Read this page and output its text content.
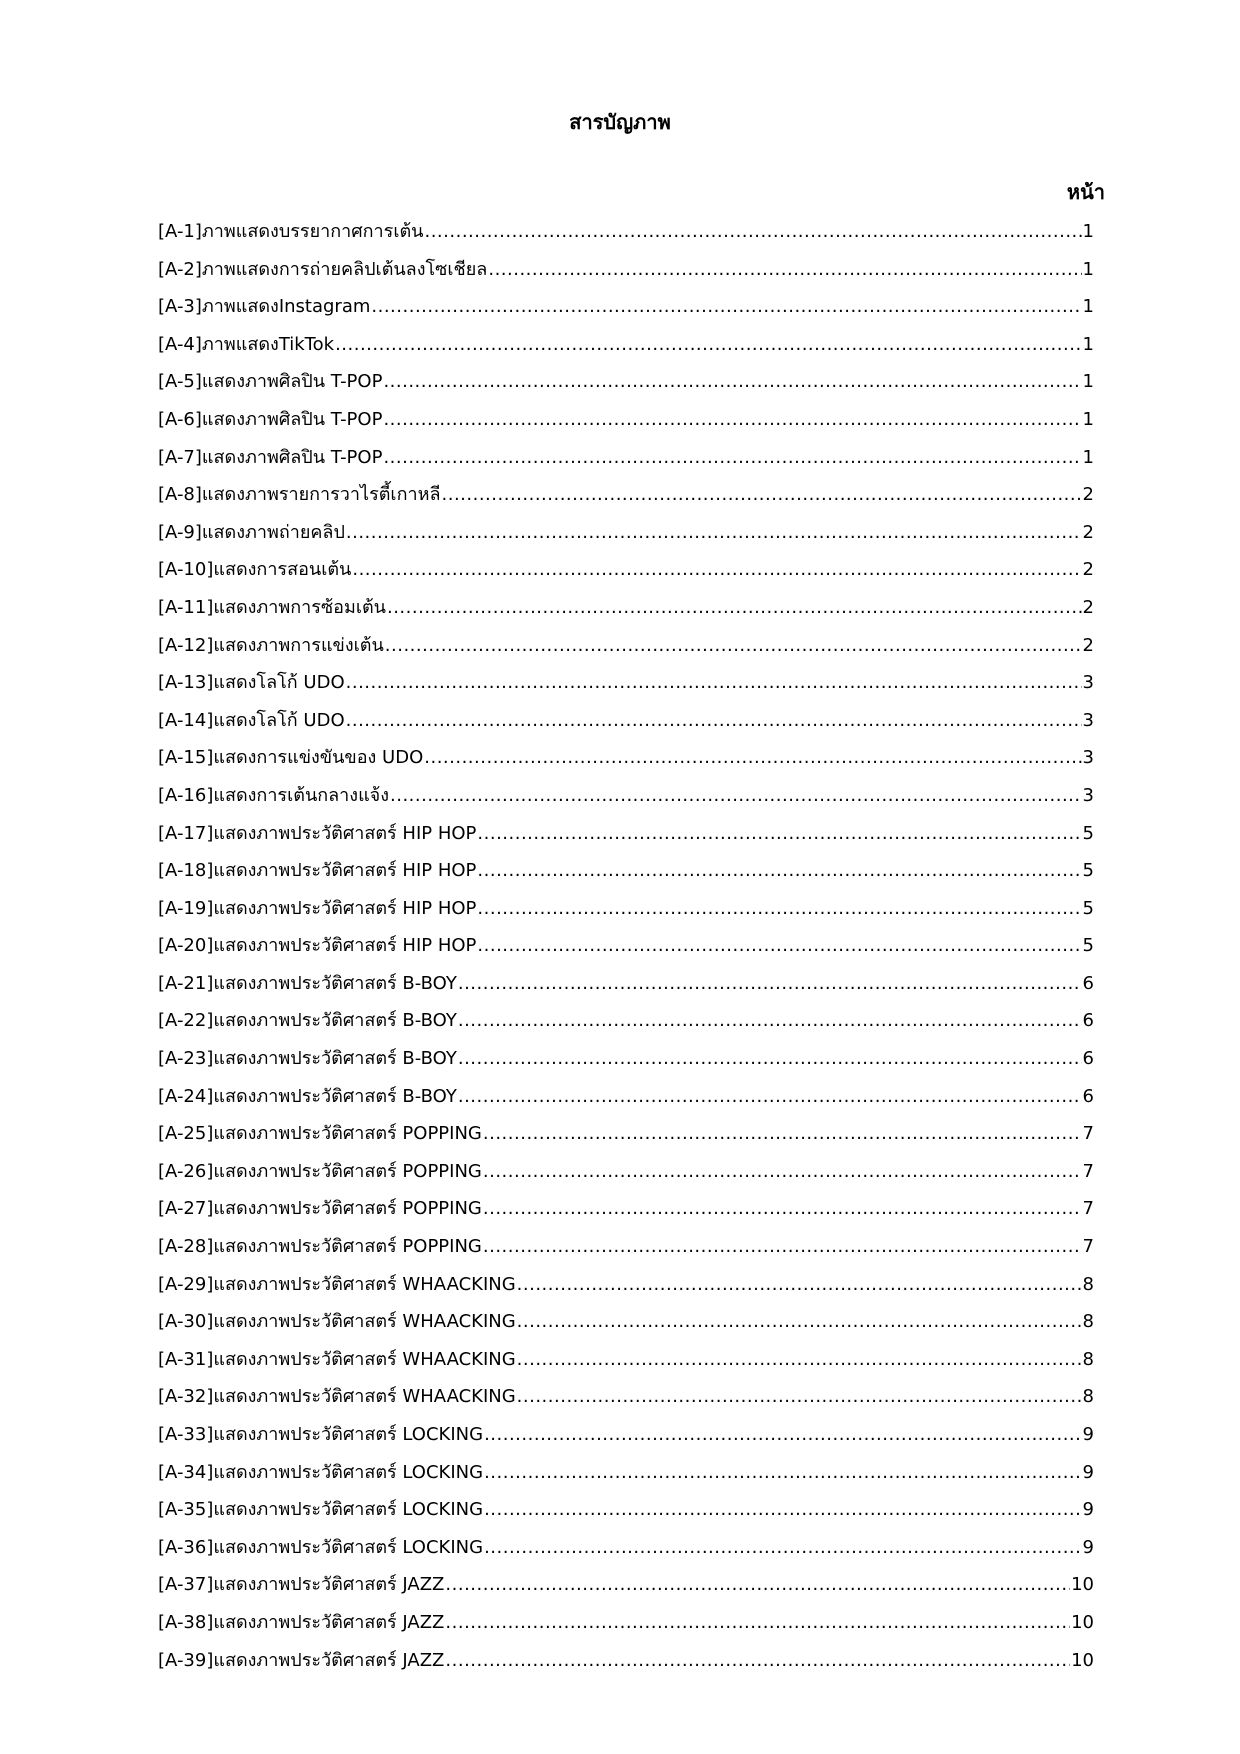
สารบัญภาพ
หน้า
[A-1]ภาพแสดงบรรยากาศการเต้น .....	1
[A-2]ภาพแสดงการถ่ายคลิปเต้นลงโซเชียล .....	1
[A-3]ภาพแสดงInstagram .....	1
[A-4]ภาพแสดงTikTok .....	1
[A-5]แสดงภาพศิลปิน T-POP .....	1
[A-6]แสดงภาพศิลปิน T-POP .....	1
[A-7]แสดงภาพศิลปิน T-POP .....	1
[A-8]แสดงภาพรายการวาไรตี้เกาหลี .....	2
[A-9]แสดงภาพถ่ายคลิป .....	2
[A-10]แสดงการสอนเต้น .....	2
[A-11]แสดงภาพการซ้อมเต้น .....	2
[A-12]แสดงภาพการแข่งเต้น .....	2
[A-13]แสดงโลโก้ UDO .....	3
[A-14]แสดงโลโก้ UDO .....	3
[A-15]แสดงการแข่งขันของ UDO .....	3
[A-16]แสดงการเต้นกลางแจ้ง .....	3
[A-17]แสดงภาพประวัติศาสตร์ HIP HOP .....	5
[A-18]แสดงภาพประวัติศาสตร์ HIP HOP .....	5
[A-19]แสดงภาพประวัติศาสตร์ HIP HOP .....	5
[A-20]แสดงภาพประวัติศาสตร์ HIP HOP .....	5
[A-21]แสดงภาพประวัติศาสตร์ B-BOY .....	6
[A-22]แสดงภาพประวัติศาสตร์ B-BOY .....	6
[A-23]แสดงภาพประวัติศาสตร์ B-BOY .....	6
[A-24]แสดงภาพประวัติศาสตร์ B-BOY .....	6
[A-25]แสดงภาพประวัติศาสตร์ POPPING .....	7
[A-26]แสดงภาพประวัติศาสตร์ POPPING .....	7
[A-27]แสดงภาพประวัติศาสตร์ POPPING .....	7
[A-28]แสดงภาพประวัติศาสตร์ POPPING .....	7
[A-29]แสดงภาพประวัติศาสตร์ WHAACKING .....	8
[A-30]แสดงภาพประวัติศาสตร์ WHAACKING .....	8
[A-31]แสดงภาพประวัติศาสตร์ WHAACKING .....	8
[A-32]แสดงภาพประวัติศาสตร์ WHAACKING .....	8
[A-33]แสดงภาพประวัติศาสตร์ LOCKING .....	9
[A-34]แสดงภาพประวัติศาสตร์ LOCKING .....	9
[A-35]แสดงภาพประวัติศาสตร์ LOCKING .....	9
[A-36]แสดงภาพประวัติศาสตร์ LOCKING .....	9
[A-37]แสดงภาพประวัติศาสตร์ JAZZ .....	10
[A-38]แสดงภาพประวัติศาสตร์ JAZZ .....	10
[A-39]แสดงภาพประวัติศาสตร์ JAZZ .....	10
